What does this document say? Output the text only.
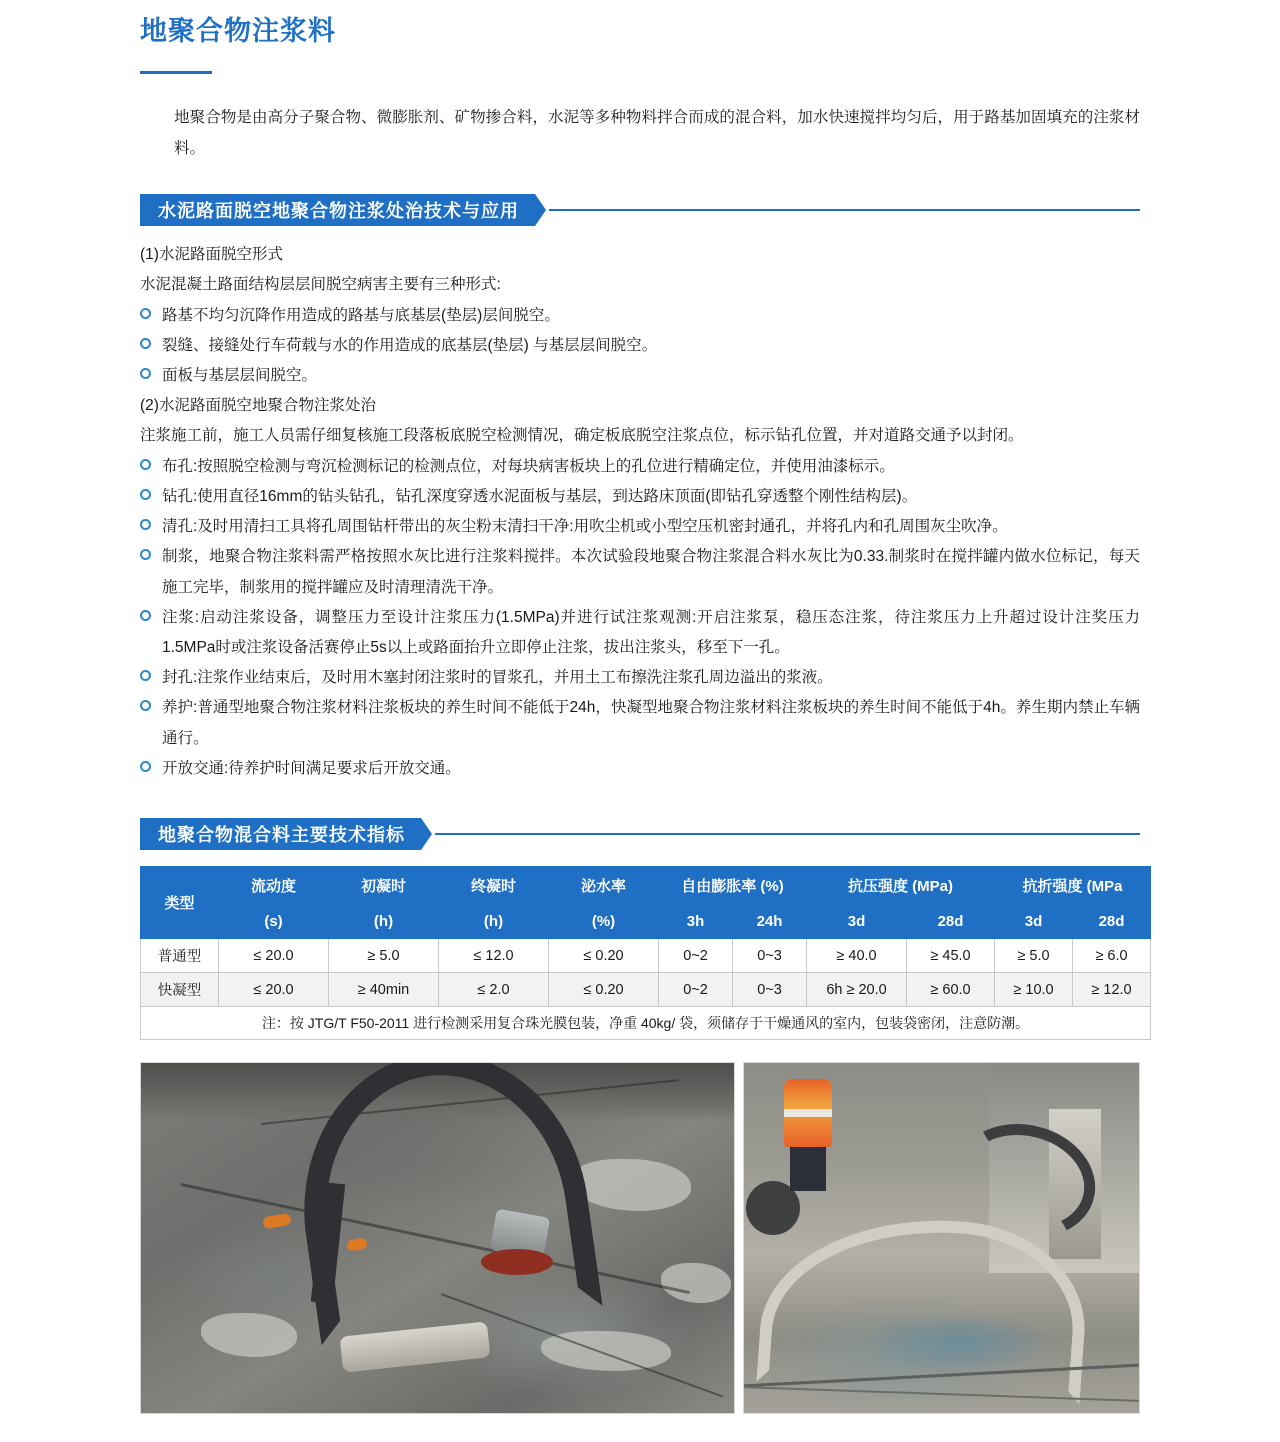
地聚合物注浆料

地聚合物是由高分子聚合物、微膨胀剂、矿物掺合料，水泥等多种物料拌合而成的混合料，加水快速搅拌均匀后，用于路基加固填充的注浆材料。

水泥路面脱空地聚合物注浆处治技术与应用

(1)水泥路面脱空形式

水泥混凝土路面结构层层间脱空病害主要有三种形式:

路基不均匀沉降作用造成的路基与底基层(垫层)层间脱空。
裂缝、接缝处行车荷载与水的作用造成的底基层(垫层) 与基层层间脱空。
面板与基层层间脱空。

(2)水泥路面脱空地聚合物注浆处治

注浆施工前，施工人员需仔细复核施工段落板底脱空检测情况，确定板底脱空注浆点位，标示钻孔位置，并对道路交通予以封闭。

布孔:按照脱空检测与弯沉检测标记的检测点位，对每块病害板块上的孔位进行精确定位，并使用油漆标示。
钻孔:使用直径16mm的钻头钻孔，钻孔深度穿透水泥面板与基层，到达路床顶面(即钻孔穿透整个刚性结构层)。
清孔:及时用清扫工具将孔周围钻杆带出的灰尘粉末清扫干净:用吹尘机或小型空压机密封通孔，并将孔内和孔周围灰尘吹净。
制浆，地聚合物注浆料需严格按照水灰比进行注浆料搅拌。本次试验段地聚合物注浆混合料水灰比为0.33.制浆时在搅拌罐内做水位标记，每天施工完毕，制浆用的搅拌罐应及时清理清洗干净。
注浆:启动注浆设备，调整压力至设计注浆压力(1.5MPa)并进行试注浆观测:开启注浆泵，稳压态注浆，待注浆压力上升超过设计注奖压力1.5MPa时或注浆设备活赛停止5s以上或路面抬升立即停止注浆，拔出注浆头，移至下一孔。
封孔:注浆作业结束后，及时用木塞封闭注浆时的冒浆孔，并用土工布擦洗注浆孔周边溢出的浆液。
养护:普通型地聚合物注浆材料注浆板块的养生时间不能低于24h，快凝型地聚合物注浆材料注浆板块的养生时间不能低于4h。养生期内禁止车辆通行。
开放交通:待养护时间满足要求后开放交通。
地聚合物混合料主要技术指标
类型	流动度	初凝时	终凝时	泌水率	自由膨胀率 (%)		抗压强度 (MPa)		抗折强度 (MPa	
	(s)	(h)	(h)	(%)	3h	24h	3d	28d	3d	28d
普通型	≤ 20.0	≥ 5.0	≤ 12.0	≤ 0.20	0~2	0~3	≥ 40.0	≥ 45.0	≥ 5.0	≥ 6.0
快凝型	≤ 20.0	≥ 40min	≤ 2.0	≤ 0.20	0~2	0~3	6h ≥ 20.0	≥ 60.0	≥ 10.0	≥ 12.0
注：按 JTG/T F50-2011 进行检测采用复合珠光膜包装，净重 40kg/ 袋，须储存于干燥通风的室内，包装袋密闭，注意防潮。										
